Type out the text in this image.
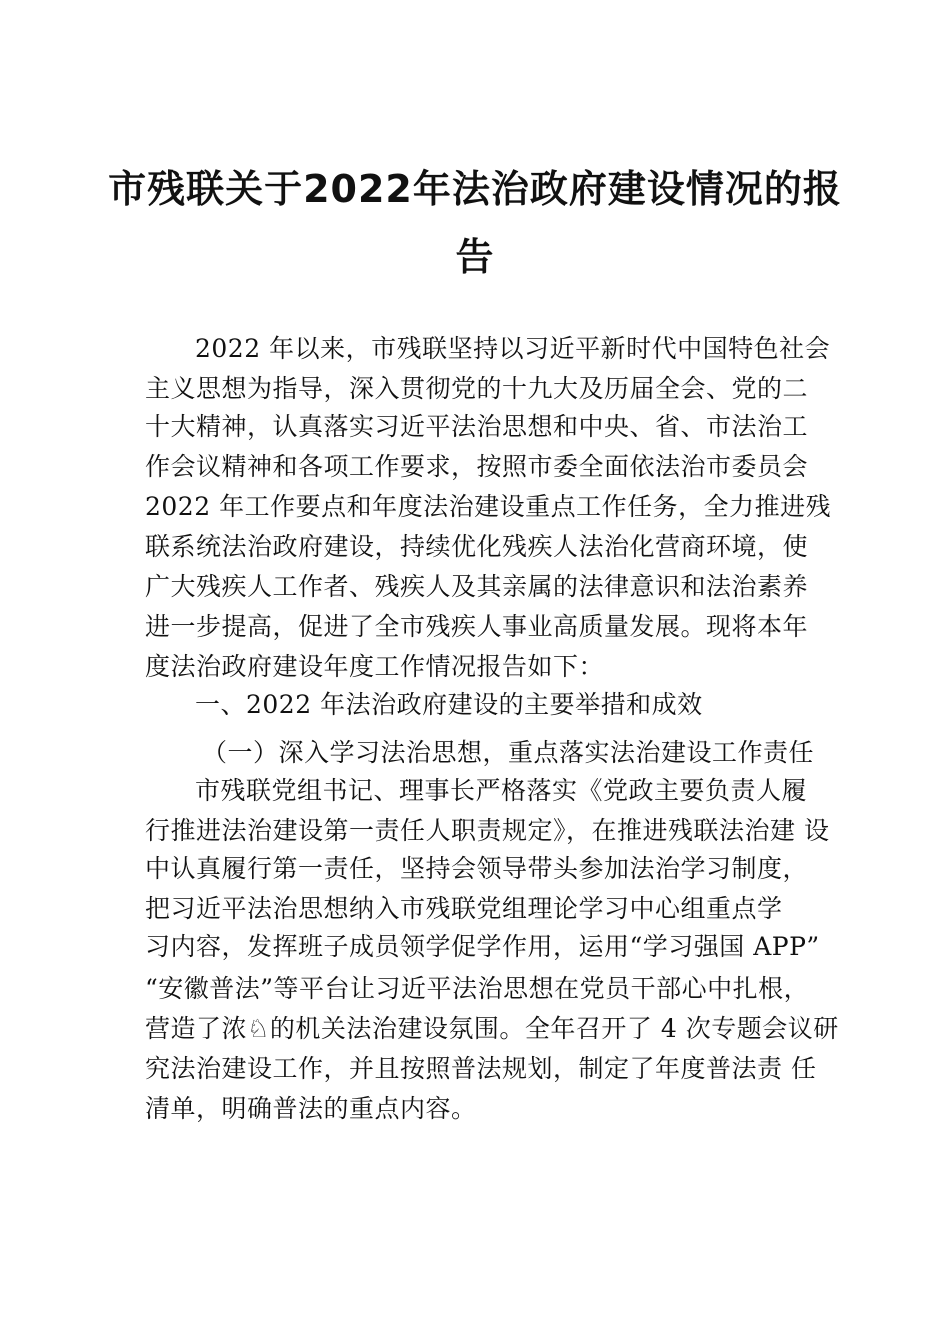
市残联关于2022年法治政府建设情况的报
告
2022 年以来，市残联坚持以习近平新时代中国特色社会
主义思想为指导，深入贯彻党的十九大及历届全会、党的二
十大精神，认真落实习近平法治思想和中央、省、市法治工
作会议精神和各项工作要求，按照市委全面依法治市委员会
2022 年工作要点和年度法治建设重点工作任务，全力推进残
联系统法治政府建设，持续优化残疾人法治化营商环境，使
广大残疾人工作者、残疾人及其亲属的法律意识和法治素养
进一步提高，促进了全市残疾人事业高质量发展。现将本年
度法治政府建设年度工作情况报告如下：
一、2022 年法治政府建设的主要举措和成效
（一）深入学习法治思想，重点落实法治建设工作责任
市残联党组书记、理事长严格落实《党政主要负责人履
行推进法治建设第一责任人职责规定》，在推进残联法治建 设
中认真履行第一责任，坚持会领导带头参加法治学习制度，
把习近平法治思想纳入市残联党组理论学习中心组重点学
习内容，发挥班子成员领学促学作用，运用“学习强国 APP”
“安徽普法”等平台让习近平法治思想在党员干部心中扎根，
营造了浓♘的机关法治建设氛围。全年召开了 4 次专题会议研
究法治建设工作，并且按照普法规划，制定了年度普法责 任
清单，明确普法的重点内容。
